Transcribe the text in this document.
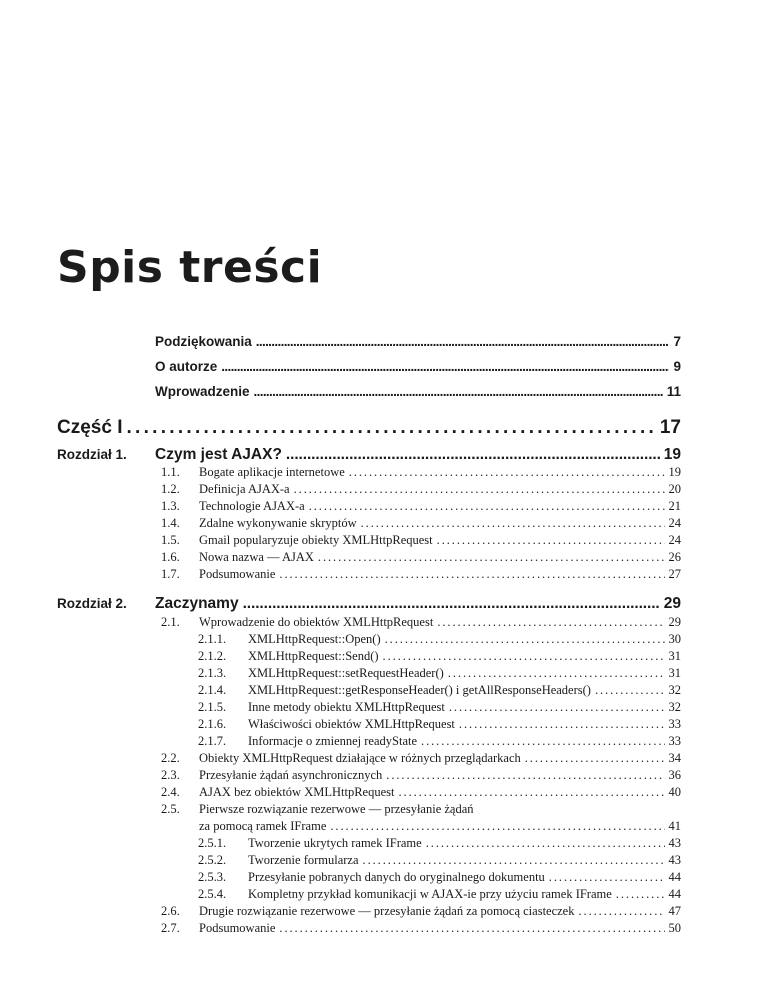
Spis treści
Podziękowania . . .	7
O autorze . . .	9
Wprowadzenie . . .	11
Część I . . .	17
Rozdział 1.	Czym jest AJAX? . . .	19
1.1.	Bogate aplikacje internetowe . . .	19
1.2.	Definicja AJAX-a . . .	20
1.3.	Technologie AJAX-a . . .	21
1.4.	Zdalne wykonywanie skryptów . . .	24
1.5.	Gmail popularyzuje obiekty XMLHttpRequest . . .	24
1.6.	Nowa nazwa — AJAX . . .	26
1.7.	Podsumowanie . . .	27
Rozdział 2.	Zaczynamy . . .	29
2.1.	Wprowadzenie do obiektów XMLHttpRequest . . .	29
2.1.1.	XMLHttpRequest::Open() . . .	30
2.1.2.	XMLHttpRequest::Send() . . .	31
2.1.3.	XMLHttpRequest::setRequestHeader() . . .	31
2.1.4.	XMLHttpRequest::getResponseHeader() i getAllResponseHeaders() . . .	32
2.1.5.	Inne metody obiektu XMLHttpRequest . . .	32
2.1.6.	Właściwości obiektów XMLHttpRequest . . .	33
2.1.7.	Informacje o zmiennej readyState . . .	33
2.2.	Obiekty XMLHttpRequest działające w różnych przeglądarkach . . .	34
2.3.	Przesyłanie żądań asynchronicznych . . .	36
2.4.	AJAX bez obiektów XMLHttpRequest . . .	40
2.5.	Pierwsze rozwiązanie rezerwowe — przesyłanie żądań
za pomocą ramek IFrame . . .	41
2.5.1.	Tworzenie ukrytych ramek IFrame . . .	43
2.5.2.	Tworzenie formularza . . .	43
2.5.3.	Przesyłanie pobranych danych do oryginalnego dokumentu . . .	44
2.5.4.	Kompletny przykład komunikacji w AJAX-ie przy użyciu ramek IFrame . . .	44
2.6.	Drugie rozwiązanie rezerwowe — przesyłanie żądań za pomocą ciasteczek . . .	47
2.7.	Podsumowanie . . .	50
